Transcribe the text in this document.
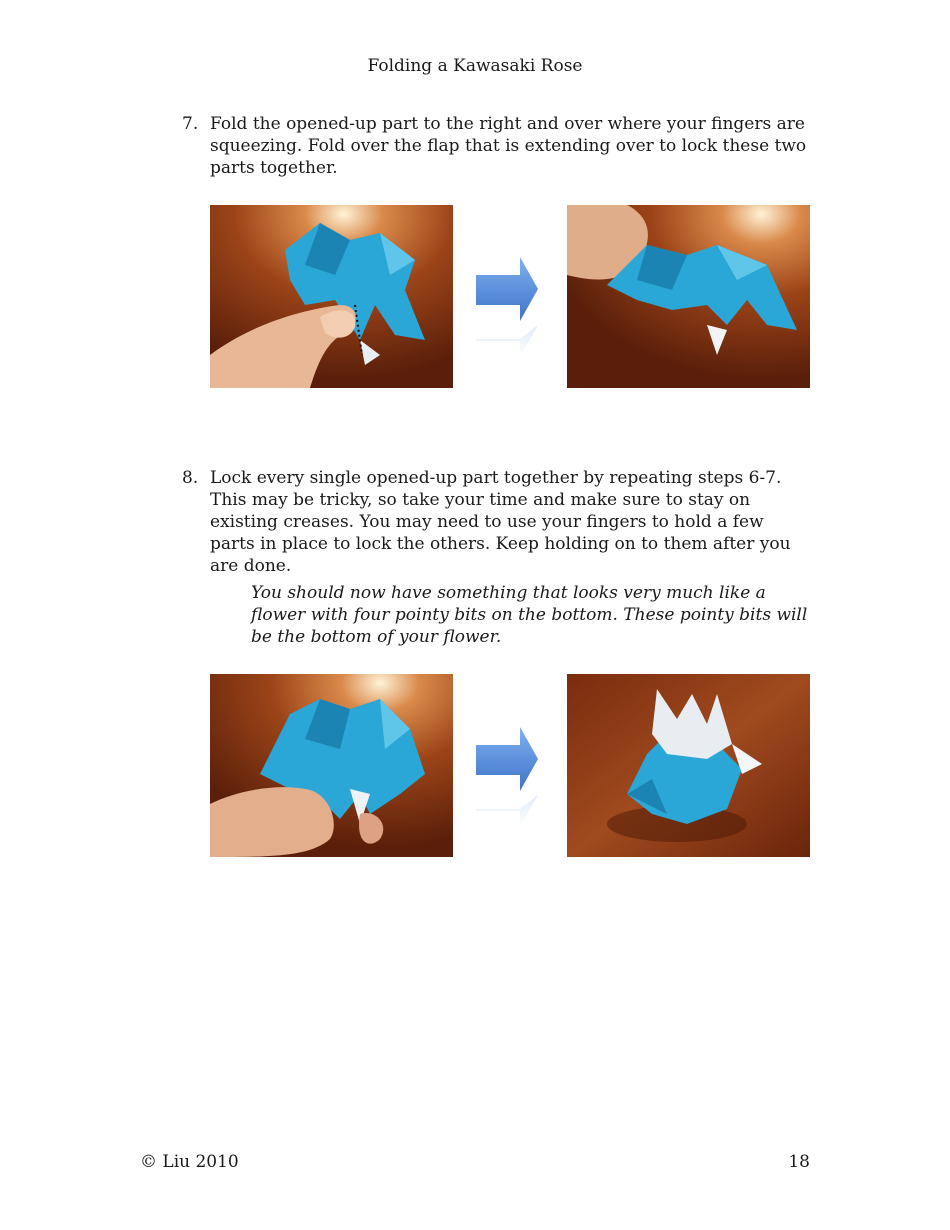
Folding a Kawasaki Rose
7. Fold the opened-up part to the right and over where your fingers are squeezing. Fold over the flap that is extending over to lock these two parts together.
8. Lock every single opened-up part together by repeating steps 6-7. This may be tricky, so take your time and make sure to stay on existing creases. You may need to use your fingers to hold a few parts in place to lock the others. Keep holding on to them after you are done.
You should now have something that looks very much like a flower with four pointy bits on the bottom. These pointy bits will be the bottom of your flower.
© Liu 2010	18
